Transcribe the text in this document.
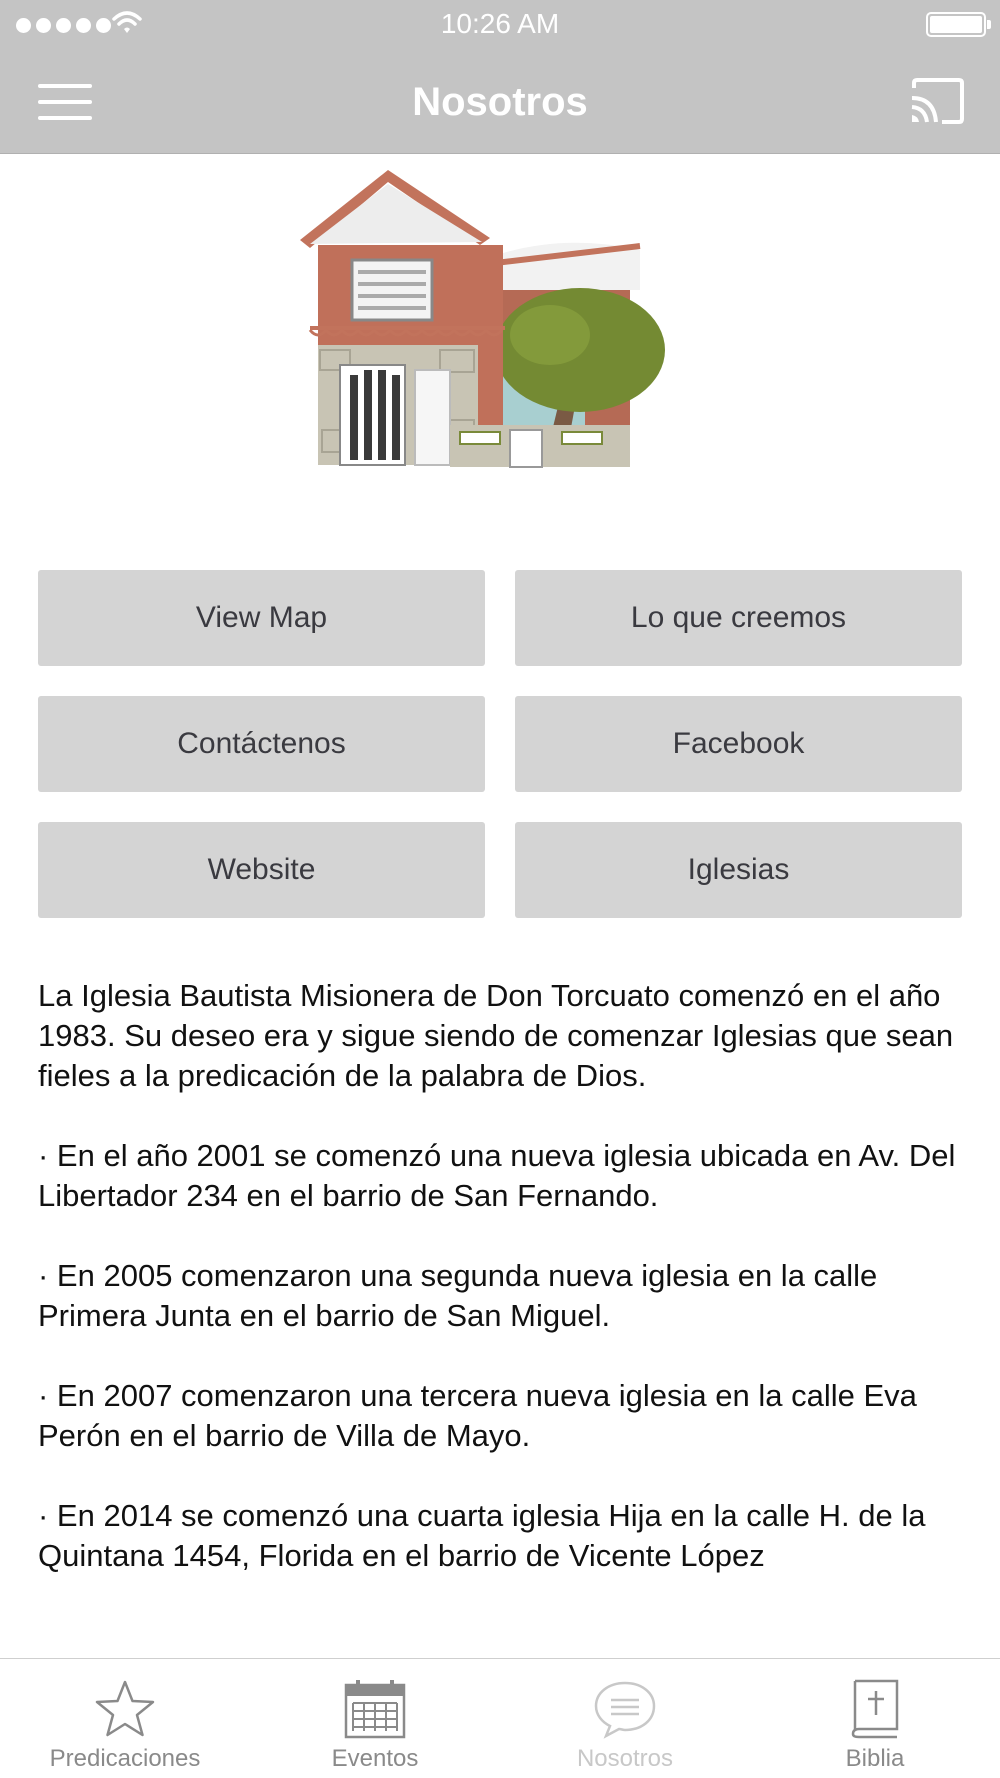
10:26 AM
Nosotros
View Map	Lo que creemos
Contáctenos	Facebook
Website	Iglesias

La Iglesia Bautista Misionera de Don Torcuato comenzó en el año 1983. Su deseo era y sigue siendo de comenzar Iglesias que sean fieles a la predicación de la palabra de Dios.

· En el año 2001 se comenzó una nueva iglesia ubicada en Av. Del Libertador 234 en el barrio de San Fernando.

· En 2005 comenzaron una segunda nueva iglesia en la calle Primera Junta en el barrio de San Miguel.

· En 2007 comenzaron una tercera nueva iglesia en la calle Eva Perón en el barrio de Villa de Mayo.

· En 2014 se comenzó una cuarta iglesia Hija en la calle H. de la Quintana 1454, Florida en el barrio de Vicente López

Predicaciones	Eventos	Nosotros	Biblia
